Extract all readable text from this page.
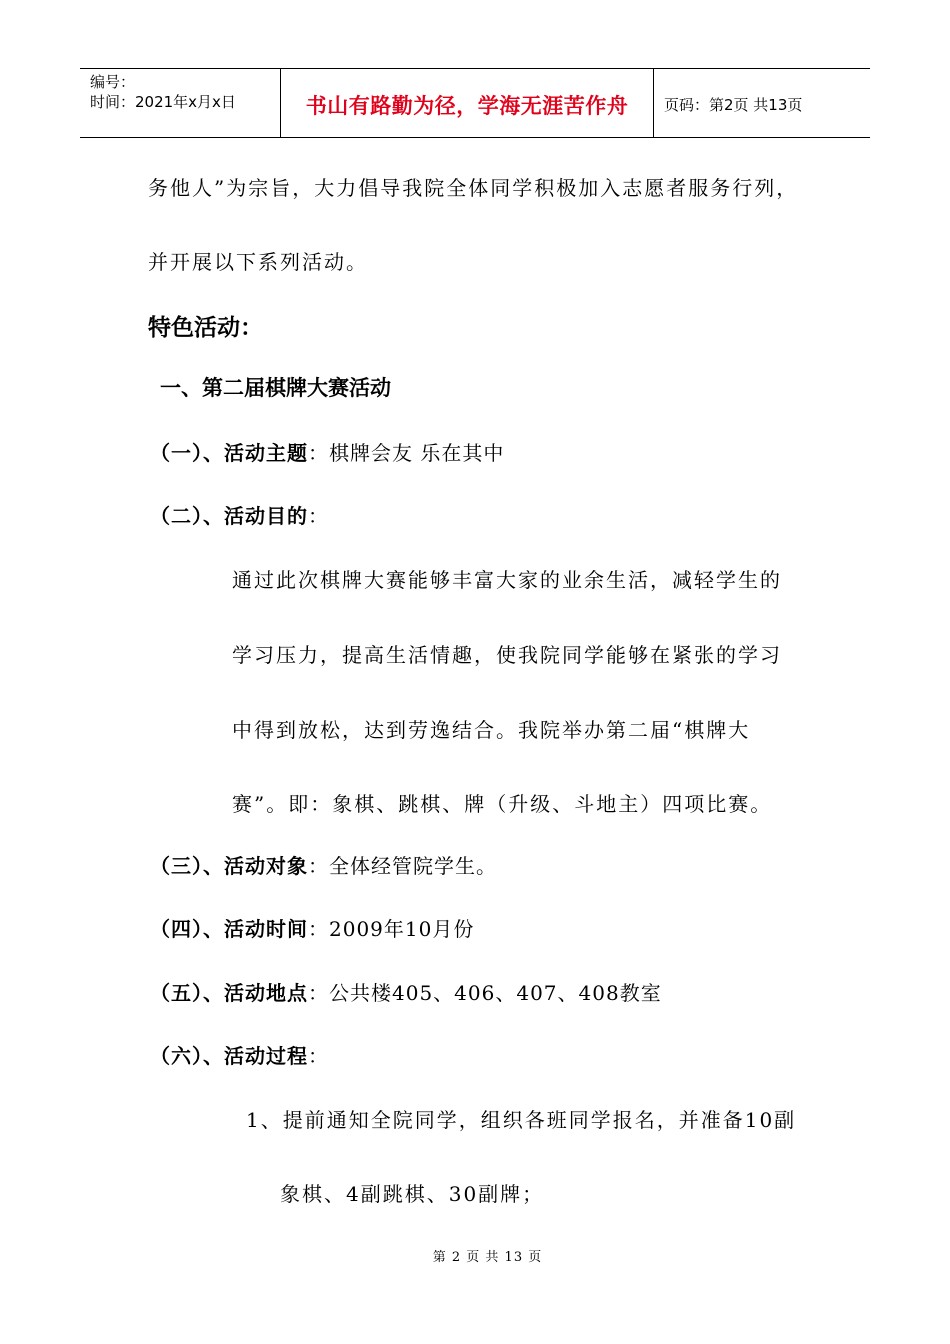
编号：
时间：2021年x月x日	书山有路勤为径，学海无涯苦作舟	页码：第2页 共13页
务他人”为宗旨，大力倡导我院全体同学积极加入志愿者服务行列，
并开展以下系列活动。
特色活动：
一、第二届棋牌大赛活动
（一）、活动主题：棋牌会友 乐在其中
（二）、活动目的：
通过此次棋牌大赛能够丰富大家的业余生活，减轻学生的
学习压力，提高生活情趣，使我院同学能够在紧张的学习
中得到放松，达到劳逸结合。我院举办第二届“棋牌大
赛”。即：象棋、跳棋、牌（升级、斗地主）四项比赛。
（三）、活动对象：全体经管院学生。
（四）、活动时间：2009年10月份
（五）、活动地点：公共楼405、406、407、408教室
（六）、活动过程：
1、提前通知全院同学，组织各班同学报名，并准备10副
象棋、4副跳棋、30副牌；
第 2 页 共 13 页
